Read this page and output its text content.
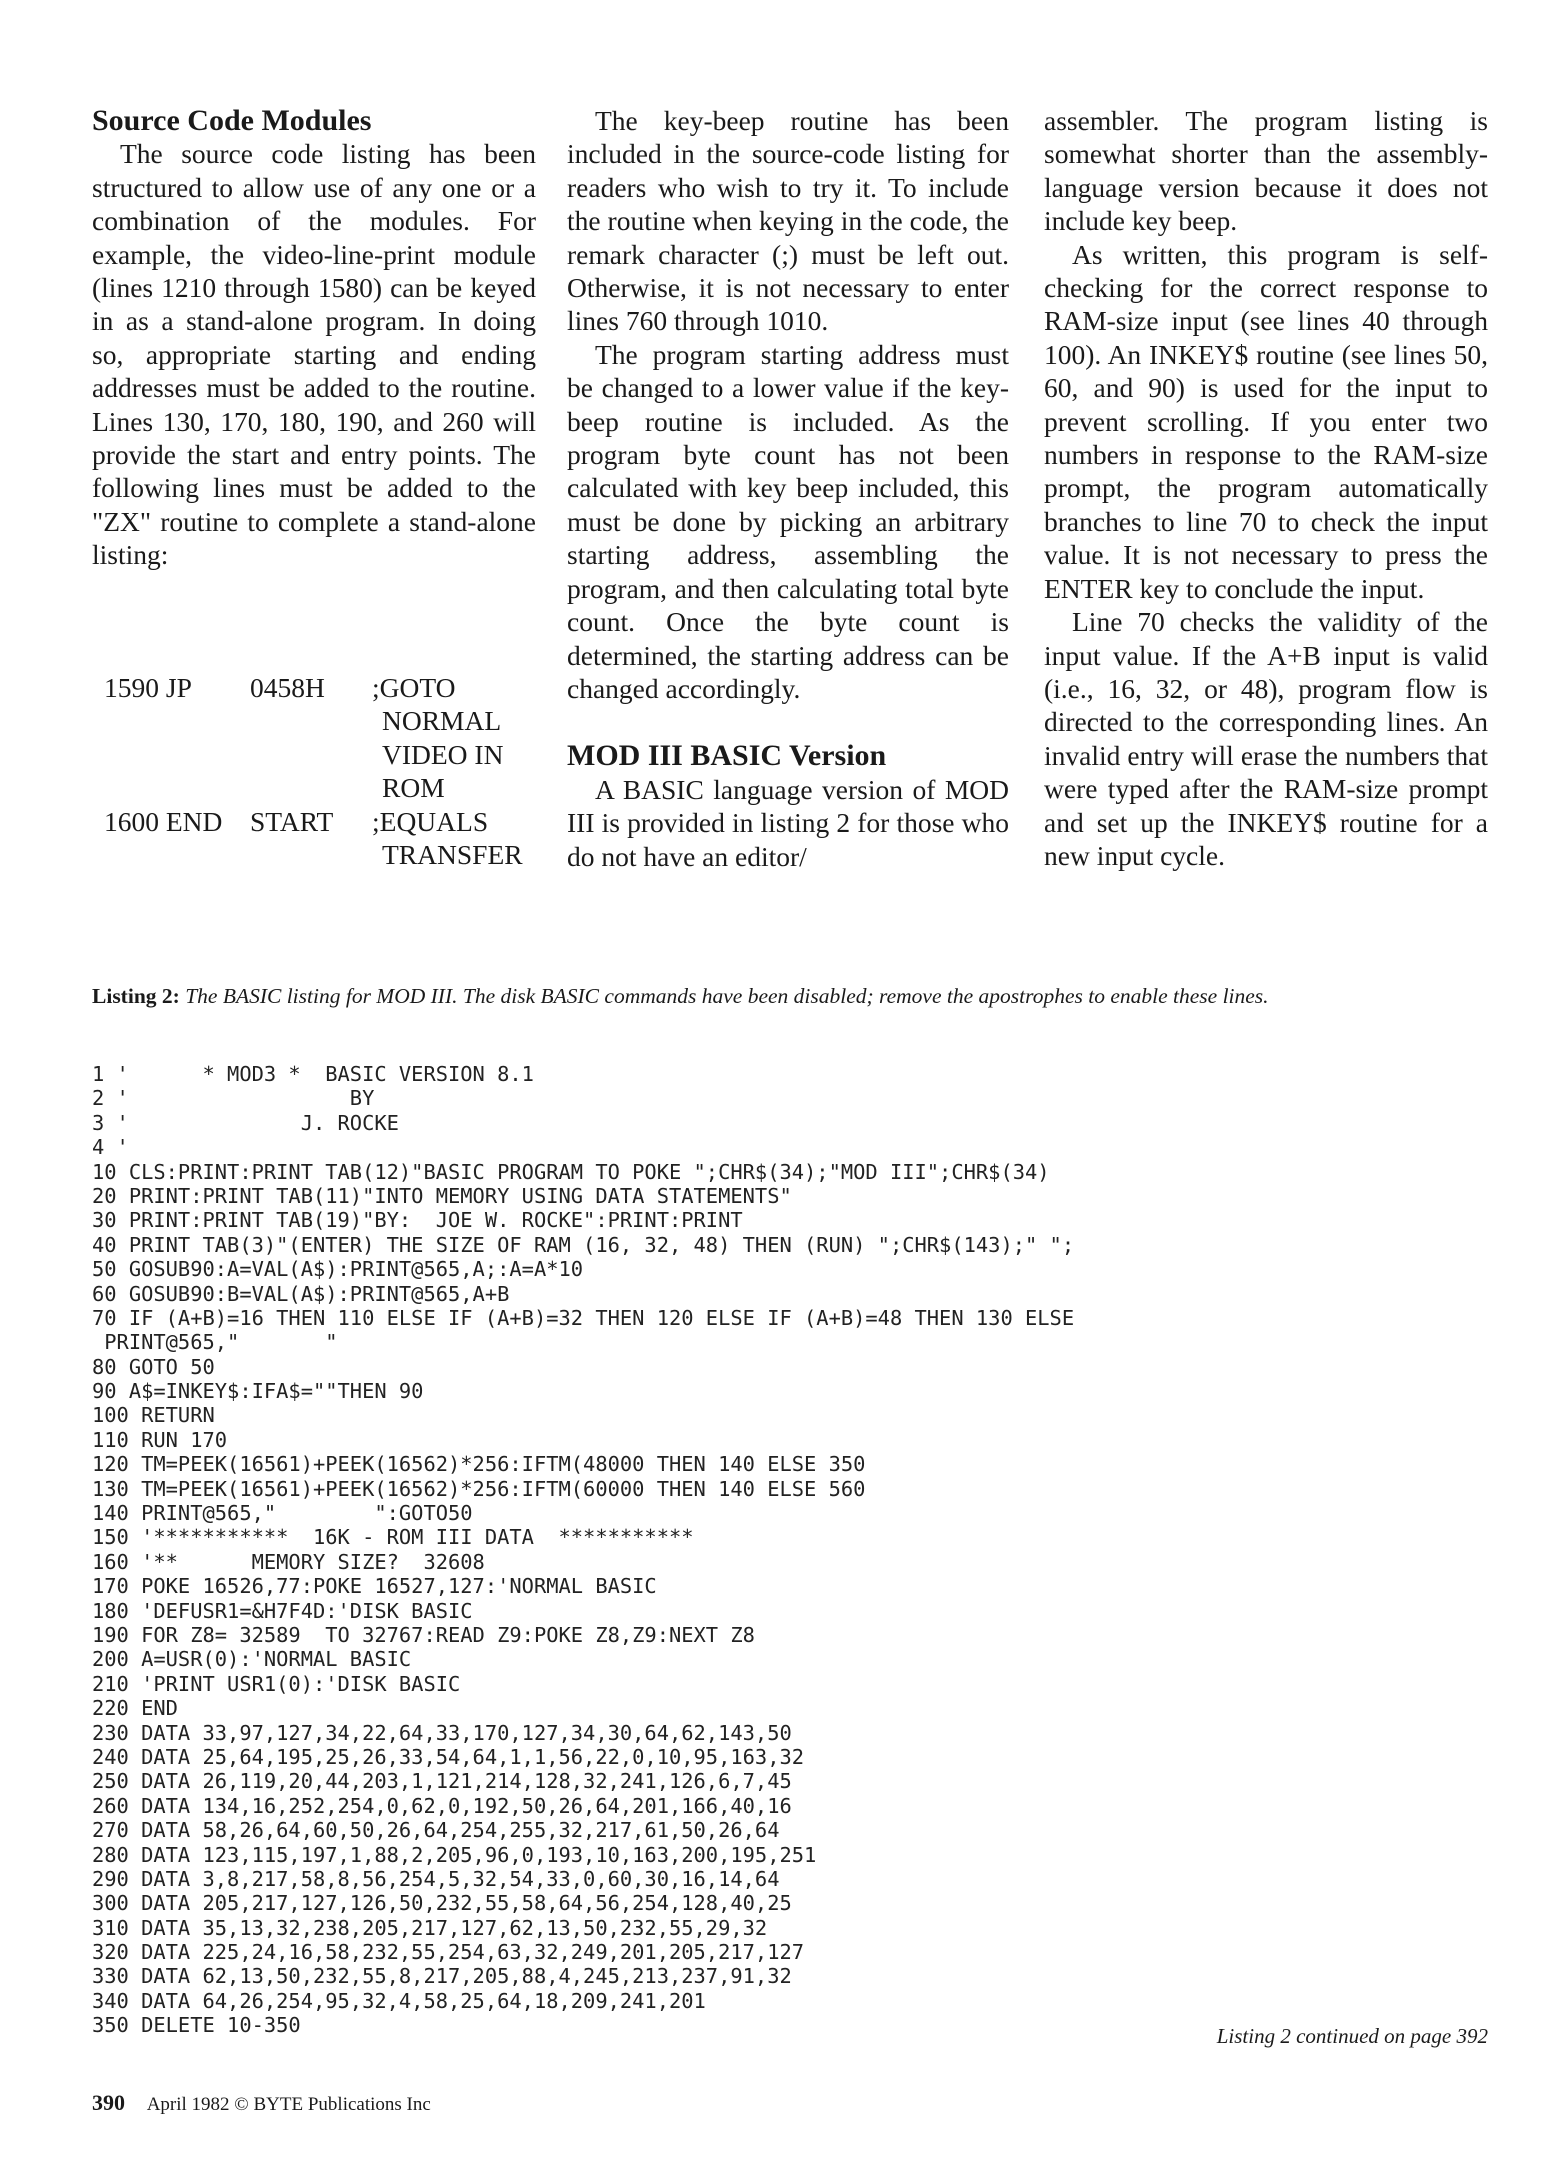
Source Code Modules

The source code listing has been structured to allow use of any one or a combination of the modules. For example, the video-line-print module (lines 1210 through 1580) can be keyed in as a stand-alone program. In doing so, appropriate starting and ending addresses must be added to the routine. Lines 130, 170, 180, 190, and 260 will provide the start and entry points. The following lines must be added to the "ZX" routine to complete a stand-alone listing:

1590 JP 0458H ;GOTO
NORMAL
VIDEO IN
ROM
1600 END START ;EQUALS
TRANSFER

The key-beep routine has been included in the source-code listing for readers who wish to try it. To include the routine when keying in the code, the remark character (;) must be left out. Otherwise, it is not necessary to enter lines 760 through 1010.

The program starting address must be changed to a lower value if the key-beep routine is included. As the program byte count has not been calculated with key beep included, this must be done by picking an arbitrary starting address, assembling the program, and then calculating total byte count. Once the byte count is determined, the starting address can be changed accordingly.

MOD III BASIC Version

A BASIC language version of MOD III is provided in listing 2 for those who do not have an editor/

assembler. The program listing is somewhat shorter than the assembly-language version because it does not include key beep.

As written, this program is self-checking for the correct response to RAM-size input (see lines 40 through 100). An INKEY$ routine (see lines 50, 60, and 90) is used for the input to prevent scrolling. If you enter two numbers in response to the RAM-size prompt, the program automatically branches to line 70 to check the input value. It is not necessary to press the ENTER key to conclude the input.

Line 70 checks the validity of the input value. If the A+B input is valid (i.e., 16, 32, or 48), program flow is directed to the corresponding lines. An invalid entry will erase the numbers that were typed after the RAM-size prompt and set up the INKEY$ routine for a new input cycle.

Listing 2: The BASIC listing for MOD III. The disk BASIC commands have been disabled; remove the apostrophes to enable these lines.
1 '      * MOD3 *  BASIC VERSION 8.1
2 '                  BY
3 '              J. ROCKE
4 '
10 CLS:PRINT:PRINT TAB(12)"BASIC PROGRAM TO POKE ";CHR$(34);"MOD III";CHR$(34)
20 PRINT:PRINT TAB(11)"INTO MEMORY USING DATA STATEMENTS"
30 PRINT:PRINT TAB(19)"BY:  JOE W. ROCKE":PRINT:PRINT
40 PRINT TAB(3)"(ENTER) THE SIZE OF RAM (16, 32, 48) THEN (RUN) ";CHR$(143);" ";
50 GOSUB90:A=VAL(A$):PRINT@565,A;:A=A*10
60 GOSUB90:B=VAL(A$):PRINT@565,A+B
70 IF (A+B)=16 THEN 110 ELSE IF (A+B)=32 THEN 120 ELSE IF (A+B)=48 THEN 130 ELSE
PRINT@565,"       "
80 GOTO 50
90 A$=INKEY$:IFA$=""THEN 90
100 RETURN
110 RUN 170
120 TM=PEEK(16561)+PEEK(16562)*256:IFTM(48000 THEN 140 ELSE 350
130 TM=PEEK(16561)+PEEK(16562)*256:IFTM(60000 THEN 140 ELSE 560
140 PRINT@565,"        ":GOTO50
150 '***********  16K - ROM III DATA  ***********
160 '**      MEMORY SIZE?  32608
170 POKE 16526,77:POKE 16527,127:'NORMAL BASIC
180 'DEFUSR1=&H7F4D:'DISK BASIC
190 FOR Z8= 32589  TO 32767:READ Z9:POKE Z8,Z9:NEXT Z8
200 A=USR(0):'NORMAL BASIC
210 'PRINT USR1(0):'DISK BASIC
220 END
230 DATA 33,97,127,34,22,64,33,170,127,34,30,64,62,143,50
240 DATA 25,64,195,25,26,33,54,64,1,1,56,22,0,10,95,163,32
250 DATA 26,119,20,44,203,1,121,214,128,32,241,126,6,7,45
260 DATA 134,16,252,254,0,62,0,192,50,26,64,201,166,40,16
270 DATA 58,26,64,60,50,26,64,254,255,32,217,61,50,26,64
280 DATA 123,115,197,1,88,2,205,96,0,193,10,163,200,195,251
290 DATA 3,8,217,58,8,56,254,5,32,54,33,0,60,30,16,14,64
300 DATA 205,217,127,126,50,232,55,58,64,56,254,128,40,25
310 DATA 35,13,32,238,205,217,127,62,13,50,232,55,29,32
320 DATA 225,24,16,58,232,55,254,63,32,249,201,205,217,127
330 DATA 62,13,50,232,55,8,217,205,88,4,245,213,237,91,32
340 DATA 64,26,254,95,32,4,58,25,64,18,209,241,201
350 DELETE 10-350	Listing 2 continued on page 392
390 April 1982 © BYTE Publications Inc
